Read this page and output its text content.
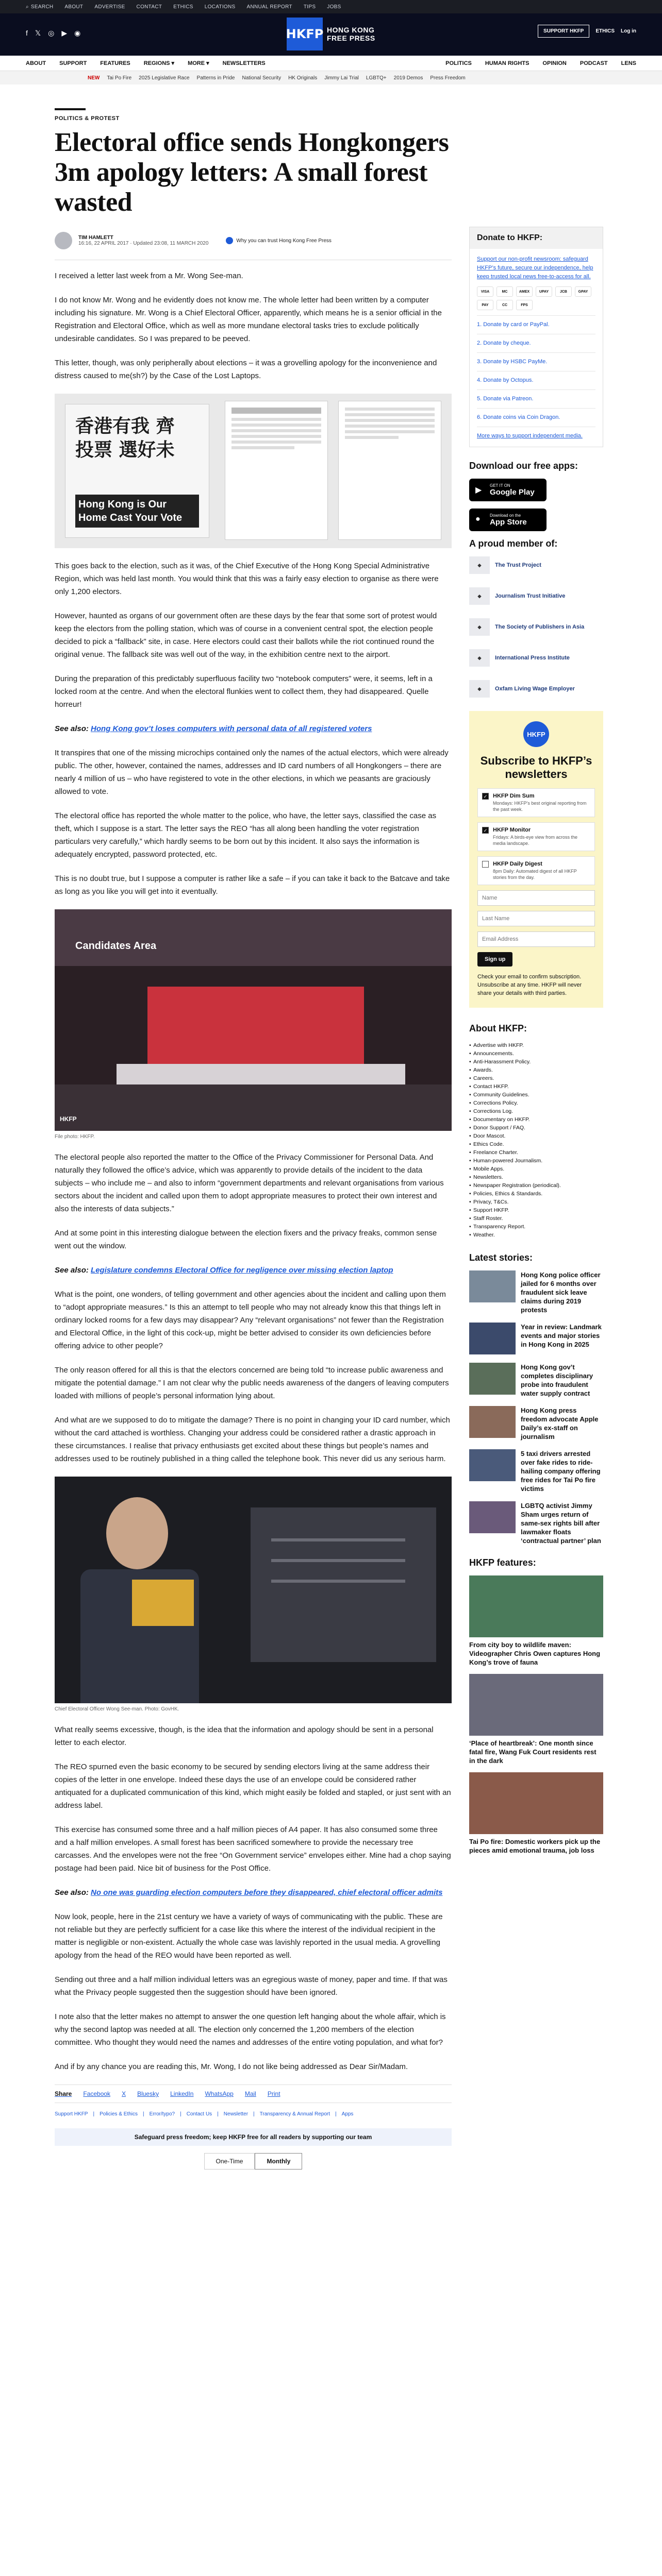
⌕ SEARCH ABOUT ADVERTISE CONTACT ETHICS LOCATIONS ANNUAL REPORT TIPS JOBS
f 𝕏 ◎ ▶ ◉	HKFP HONG KONG
FREE PRESS
SUPPORT HKFP	ETHICS Log in
ABOUT SUPPORT FEATURES REGIONS ▾ MORE ▾ NEWSLETTERS	POLITICS HUMAN RIGHTS OPINION PODCAST LENS
NEW Tai Po Fire 2025 Legislative Race Patterns in Pride National Security HK Originals Jimmy Lai Trial LGBTQ+ 2019 Demos Press Freedom
POLITICS & PROTEST
Electoral office sends Hongkongers 3m apology letters: A small forest wasted
TIM HAMLETT
16:16, 22 APRIL 2017 · Updated 23:08, 11 MARCH 2020	Why you can trust Hong Kong Free Press

I received a letter last week from a Mr. Wong See-man.

I do not know Mr. Wong and he evidently does not know me. The whole letter had been written by a computer including his signature. Mr. Wong is a Chief Electoral Officer, apparently, which means he is a senior official in the Registration and Electoral Office, which as well as more mundane electoral tasks tries to exclude politically undesirable candidates. So I was prepared to be peeved.

This letter, though, was only peripherally about elections – it was a grovelling apology for the inconvenience and distress caused to me(sh?) by the Case of the Lost Laptops.

香港有我 齊投票 選好未
Hong Kong is Our Home Cast Your Vote

This goes back to the election, such as it was, of the Chief Executive of the Hong Kong Special Administrative Region, which was held last month. You would think that this was a fairly easy election to organise as there were only 1,200 electors.

However, haunted as organs of our government often are these days by the fear that some sort of protest would keep the electors from the polling station, which was of course in a convenient central spot, the election people decided to pick a “fallback” site, in case. Here electors could cast their ballots while the riot continued round the original venue. The fallback site was well out of the way, in the exhibition centre next to the airport.

During the preparation of this predictably superfluous facility two “notebook computers” were, it seems, left in a locked room at the centre. And when the electoral flunkies went to collect them, they had disappeared. Quelle horreur!

See also: Hong Kong gov’t loses computers with personal data of all registered voters

It transpires that one of the missing microchips contained only the names of the actual electors, which were already public. The other, however, contained the names, addresses and ID card numbers of all Hongkongers – there are nearly 4 million of us – who have registered to vote in the other elections, in which we peasants are graciously allowed to vote.

The electoral office has reported the whole matter to the police, who have, the letter says, classified the case as theft, which I suppose is a start. The letter says the REO “has all along been handling the voter registration particulars very carefully,” which hardly seems to be born out by this incident. It also says the information is adequately encrypted, password protected, etc.

This is no doubt true, but I suppose a computer is rather like a safe – if you can take it back to the Batcave and take as long as you like you will get into it eventually.

Candidates Area
HKFP
File photo: HKFP.

The electoral people also reported the matter to the Office of the Privacy Commissioner for Personal Data. And naturally they followed the office’s advice, which was apparently to provide details of the incident to the data subjects – who include me – and also to inform “government departments and relevant organisations from various sectors about the incident and called upon them to adopt appropriate measures to protect their own interest and also the interests of data subjects.”

And at some point in this interesting dialogue between the election fixers and the privacy freaks, common sense went out the window.

See also: Legislature condemns Electoral Office for negligence over missing election laptop

What is the point, one wonders, of telling government and other agencies about the incident and calling upon them to “adopt appropriate measures.” Is this an attempt to tell people who may not already know this that things left in ordinary locked rooms for a few days may disappear? Any “relevant organisations” not fewer than the Registration and Electoral Office, in the light of this cock-up, might be better advised to consider its own deficiencies before offering advice to other people?

The only reason offered for all this is that the electors concerned are being told “to increase public awareness and mitigate the potential damage.” I am not clear why the public needs awareness of the dangers of leaving computers loaded with millions of people’s personal information lying about.

And what are we supposed to do to mitigate the damage? There is no point in changing your ID card number, which without the card attached is worthless. Changing your address could be considered rather a drastic approach in these circumstances. I realise that privacy enthusiasts get excited about these things but people’s names and addresses used to be routinely published in a thing called the telephone book. This never did us any serious harm.

Chief Electoral Officer Wong See-man. Photo: GovHK.

What really seems excessive, though, is the idea that the information and apology should be sent in a personal letter to each elector.

The REO spurned even the basic economy to be secured by sending electors living at the same address their copies of the letter in one envelope. Indeed these days the use of an envelope could be considered rather antiquated for a duplicated communication of this kind, which might easily be folded and stapled, or just sent with an address label.

This exercise has consumed some three and a half million pieces of A4 paper. It has also consumed some three and a half million envelopes. A small forest has been sacrificed somewhere to provide the necessary tree carcasses. And the envelopes were not the free “On Government service” envelopes either. Mine had a chop saying postage had been paid. Nice bit of business for the Post Office.

See also: No one was guarding election computers before they disappeared, chief electoral officer admits

Now look, people, here in the 21st century we have a variety of ways of communicating with the public. These are not reliable but they are perfectly sufficient for a case like this where the interest of the individual recipient in the matter is negligible or non-existent. Actually the whole case was lavishly reported in the usual media. A grovelling apology from the head of the REO would have been reported as well.

Sending out three and a half million individual letters was an egregious waste of money, paper and time. If that was what the Privacy people suggested then the suggestion should have been ignored.

I note also that the letter makes no attempt to answer the one question left hanging about the whole affair, which is why the second laptop was needed at all. The election only concerned the 1,200 members of the election committee. Who thought they would need the names and addresses of the entire voting population, and what for?

And if by any chance you are reading this, Mr. Wong, I do not like being addressed as Dear Sir/Madam.

Share Facebook X Bluesky LinkedIn WhatsApp Mail Print
Support HKFP | Policies & Ethics | Error/typo? | Contact Us | Newsletter | Transparency & Annual Report | Apps
Safeguard press freedom; keep HKFP free for all readers by supporting our team
One-Time	Monthly
Donate to HKFP:
Support our non-profit newsroom: safeguard HKFP’s future, secure our independence, help keep trusted local news free-to-access for all.
VISA	MC	AMEX	UPAY	JCB	GPAY
PAY	CC	FPS
1. Donate by card or PayPal.
2. Donate by cheque.
3. Donate by HSBC PayMe.
4. Donate by Octopus.
5. Donate via Patreon.
6. Donate coins via Coin Dragon.
More ways to support independent media.
Download our free apps:
▶
GET IT ON
Google Play
●	Download on the
App Store
A proud member of:
◆	The Trust Project
◆	Journalism Trust Initiative
◆	The Society of Publishers in Asia
◆	International Press Institute
◆	Oxfam Living Wage Employer
HKFP
Subscribe to HKFP’s newsletters
✓ HKFP Dim Sum
Mondays: HKFP’s best original reporting from the past week.
✓ HKFP Monitor
Fridays: A birds-eye view from across the media landscape.
HKFP Daily Digest
8pm Daily: Automated digest of all HKFP stories from the day.
Name Last Name Email Address Sign up
Check your email to confirm subscription. Unsubscribe at any time. HKFP will never share your details with third parties.
About HKFP:
• Advertise with HKFP.
• Announcements.
• Anti-Harassment Policy.
• Awards.
• Careers.
• Contact HKFP.
• Community Guidelines.
• Corrections Policy.
• Corrections Log.
• Documentary on HKFP.
• Donor Support / FAQ.
• Door Mascot.
• Ethics Code.
• Freelance Charter.
• Human-powered Journalism.
• Mobile Apps.
• Newsletters.
• Newspaper Registration (periodical).
• Policies, Ethics & Standards.
• Privacy, T&Cs.
• Support HKFP.
• Staff Roster.
• Transparency Report.
• Weather.
Latest stories:
Hong Kong police officer jailed for 6 months over fraudulent sick leave claims during 2019 protests
Year in review: Landmark events and major stories in Hong Kong in 2025
Hong Kong gov’t completes disciplinary probe into fraudulent water supply contract
Hong Kong press freedom advocate Apple Daily’s ex-staff on journalism
5 taxi drivers arrested over fake rides to ride-hailing company offering free rides for Tai Po fire victims
LGBTQ activist Jimmy Sham urges return of same-sex rights bill after lawmaker floats ‘contractual partner’ plan
HKFP features:
From city boy to wildlife maven: Videographer Chris Owen captures Hong Kong’s trove of fauna
‘Place of heartbreak’: One month since fatal fire, Wang Fuk Court residents rest in the dark
Tai Po fire: Domestic workers pick up the pieces amid emotional trauma, job loss
